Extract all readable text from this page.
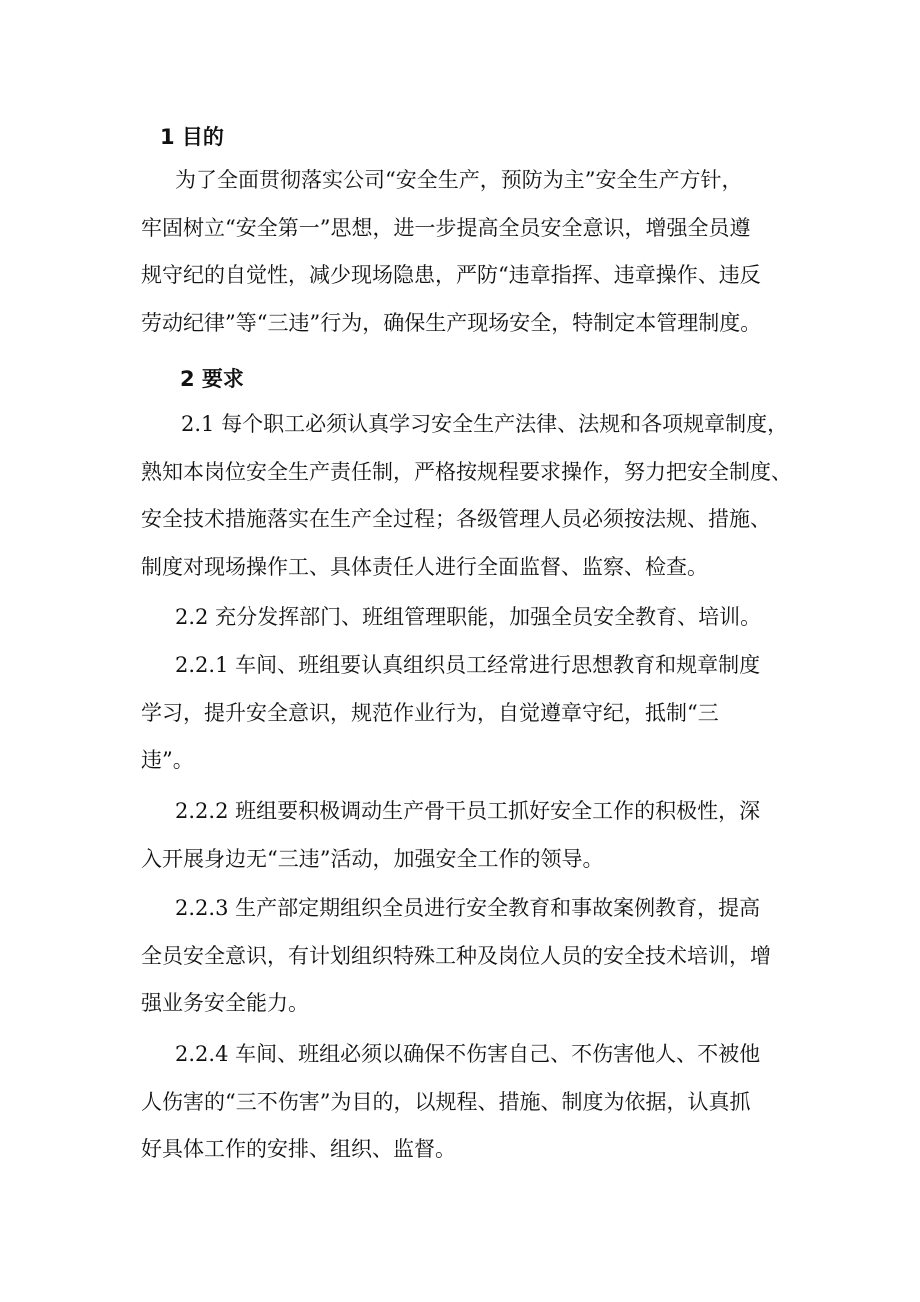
1 目的
为了全面贯彻落实公司“安全生产，预防为主”安全生产方针，
牢固树立“安全第一”思想，进一步提高全员安全意识，增强全员遵
规守纪的自觉性，减少现场隐患，严防“违章指挥、违章操作、违反
劳动纪律”等“三违”行为，确保生产现场安全，特制定本管理制度。
2 要求
2.1 每个职工必须认真学习安全生产法律、法规和各项规章制度，
熟知本岗位安全生产责任制，严格按规程要求操作，努力把安全制度、
安全技术措施落实在生产全过程；各级管理人员必须按法规、措施、
制度对现场操作工、具体责任人进行全面监督、监察、检查。
2.2 充分发挥部门、班组管理职能，加强全员安全教育、培训。
2.2.1 车间、班组要认真组织员工经常进行思想教育和规章制度
学习，提升安全意识，规范作业行为，自觉遵章守纪，抵制“三
违”。
2.2.2 班组要积极调动生产骨干员工抓好安全工作的积极性，深
入开展身边无“三违”活动，加强安全工作的领导。
2.2.3 生产部定期组织全员进行安全教育和事故案例教育，提高
全员安全意识，有计划组织特殊工种及岗位人员的安全技术培训，增
强业务安全能力。
2.2.4 车间、班组必须以确保不伤害自己、不伤害他人、不被他
人伤害的“三不伤害”为目的，以规程、措施、制度为依据，认真抓
好具体工作的安排、组织、监督。
